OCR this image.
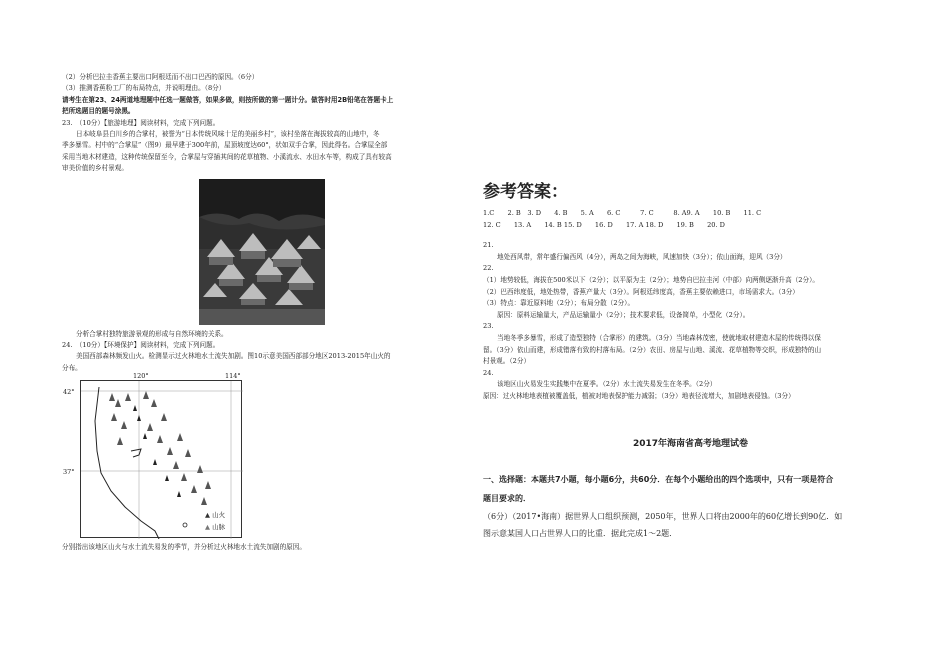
（2）分析巴拉圭香蕉主要出口阿根廷而不出口巴西的原因。（6分）
（3）推测香蕉粉工厂的布局特点，并说明理由。（8分）
请考生在第23、24两道地理题中任选一题做答，如果多做，则按所做的第一题计分。做答时用2B铅笔在答题卡上
把所选题目的题号涂黑。
23.　（10分）【旅游地理】阅读材料，完成下列问题。
日本岐阜县白川乡的合掌村，被誉为“日本传统风味十足的美丽乡村”，该村坐落在海拔较高的山地中，冬
季多暴雪。村中的“合掌屋”（图9）最早建于300年前，屋顶坡度达60°，状如双手合掌，因此得名。合掌屋全部
采用当地木材建造，这种传统保留至今，合掌屋与穿插其间的花草植物、小溪流水、水田水车等，构成了具有较高
审美价值的乡村景观。
分析合掌村独特旅游景观的形成与自然环境的关系。
24.　（10分）【环境保护】阅读材料，完成下列问题。
美国西部森林频发山火。检测显示过火林地水土流失加剧。图10示意美国西部部分地区2013-2015年山火的
分布。
120°	114°
42°
37°
▲ 山火
▲ 山脉
分别指出该地区山火与水土流失易发的季节，并分析过火林地水土流失加剧的原因。
参考答案：
1.C　　2. B　3. D　　4. B　　5. A　　6. C　　　7. C　　　8. A9. A　　10. B　　11. C
12. C　　13. A　　14. B 15. D　　16. D　　17. A 18. D　　19. B　　20. D
21.
地处西风带，常年盛行偏西风（4分），两岛之间为海峡，风速加快（3分）；依山面海，迎风（3分）
22.
（1）地势较低，海拔在500米以下（2分）；以平原为主（2分）；地势自巴拉圭河（中部）向两侧逐渐升高（2分）。
（2）巴西纬度低，地处热带，香蕉产量大（3分）。阿根廷纬度高，香蕉主要依赖进口，市场需求大。（3分）
（3）特点：靠近原料地（2分）；布局分散（2分）。
原因：原料运输量大，产品运输量小（2分）；技术要求低，设备简单，小型化（2分）。
23.
当地冬季多暴雪，形成了造型独特（合掌形）的建筑。（3分）当地森林茂密，使就地取材建造木屋的传统得以保
留。（3分）依山而建，形成错落有致的村落布局。（2分）农田、房屋与山地、溪流、花草植物等交织，形成独特的山
村景观。（2分）
24.
该地区山火易发生实践集中在夏季。（2分）水土流失易发生在冬季。（2分）
原因：过火林地地表植被覆盖低，植被对地表保护能力减弱；（3分）地表径流增大，加剧地表侵蚀。（3分）
2017年海南省高考地理试卷
一、选择题：本题共7小题，每小题6分，共60分．在每个小题给出的四个选项中，只有一项是符合
题目要求的．
（6分）（2017•海南）据世界人口组织预测，2050年，世界人口将由2000年的60亿增长到90亿．如
图示意某国人口占世界人口的比重．据此完成1～2题．
